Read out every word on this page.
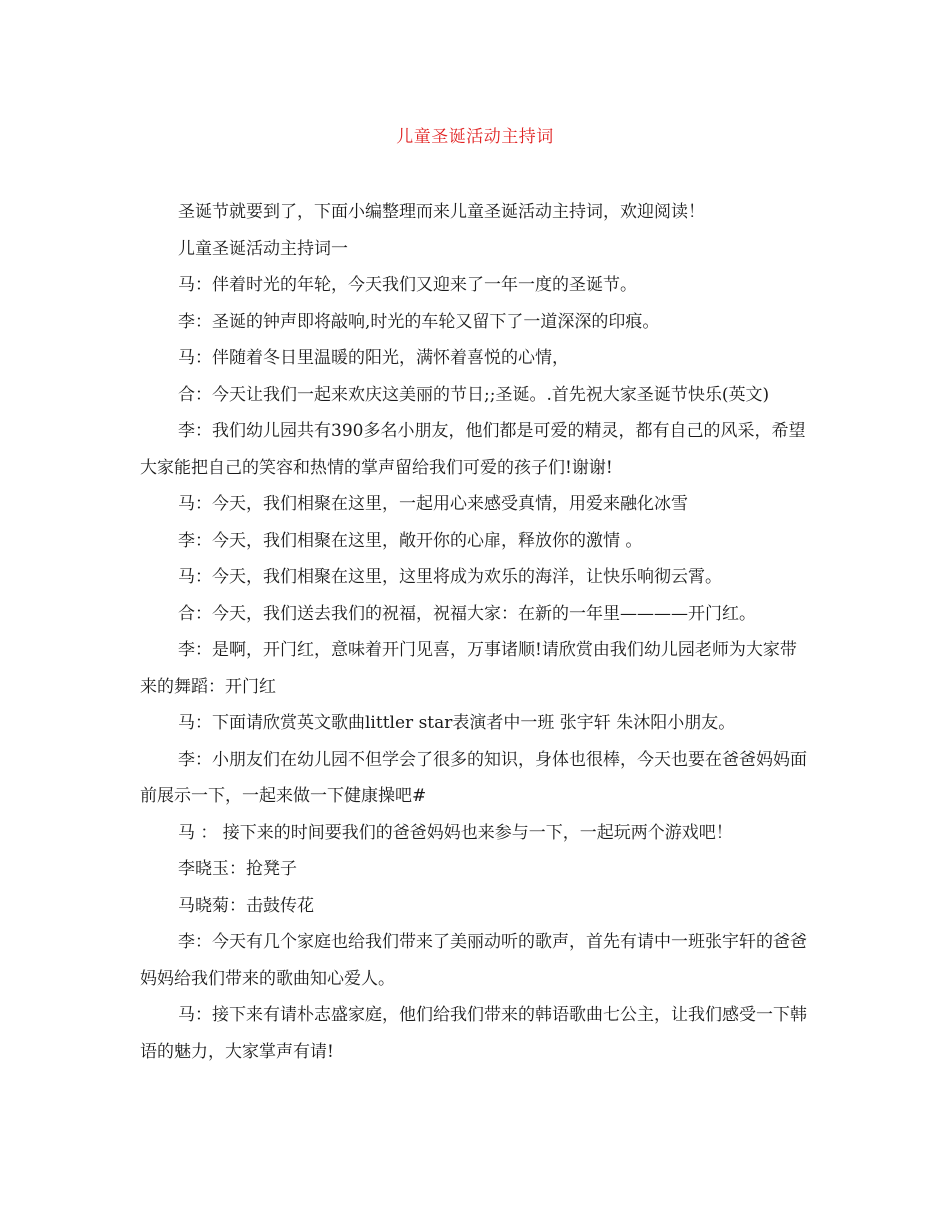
儿童圣诞活动主持词

圣诞节就要到了，下面小编整理而来儿童圣诞活动主持词，欢迎阅读！

儿童圣诞活动主持词一

马：伴着时光的年轮，今天我们又迎来了一年一度的圣诞节。

李：圣诞的钟声即将敲响,时光的车轮又留下了一道深深的印痕。

马：伴随着冬日里温暖的阳光，满怀着喜悦的心情，

合：今天让我们一起来欢庆这美丽的节日;;圣诞。.首先祝大家圣诞节快乐(英文)

李：我们幼儿园共有390多名小朋友，他们都是可爱的精灵，都有自己的风采，希望大家能把自己的笑容和热情的掌声留给我们可爱的孩子们!谢谢!

马：今天，我们相聚在这里，一起用心来感受真情，用爱来融化冰雪

李：今天，我们相聚在这里，敞开你的心扉，释放你的激情 。

马：今天，我们相聚在这里，这里将成为欢乐的海洋，让快乐响彻云霄。

合：今天，我们送去我们的祝福，祝福大家：在新的一年里————开门红。

李：是啊，开门红，意味着开门见喜，万事诸顺!请欣赏由我们幼儿园老师为大家带来的舞蹈：开门红

马：下面请欣赏英文歌曲littler star表演者中一班 张宇轩 朱沐阳小朋友。

李：小朋友们在幼儿园不但学会了很多的知识，身体也很棒，今天也要在爸爸妈妈面前展示一下，一起来做一下健康操吧#

马 ： 接下来的时间要我们的爸爸妈妈也来参与一下，一起玩两个游戏吧！

李晓玉：抢凳子

马晓菊：击鼓传花

李：今天有几个家庭也给我们带来了美丽动听的歌声，首先有请中一班张宇轩的爸爸妈妈给我们带来的歌曲知心爱人。

马：接下来有请朴志盛家庭，他们给我们带来的韩语歌曲七公主，让我们感受一下韩语的魅力，大家掌声有请!
